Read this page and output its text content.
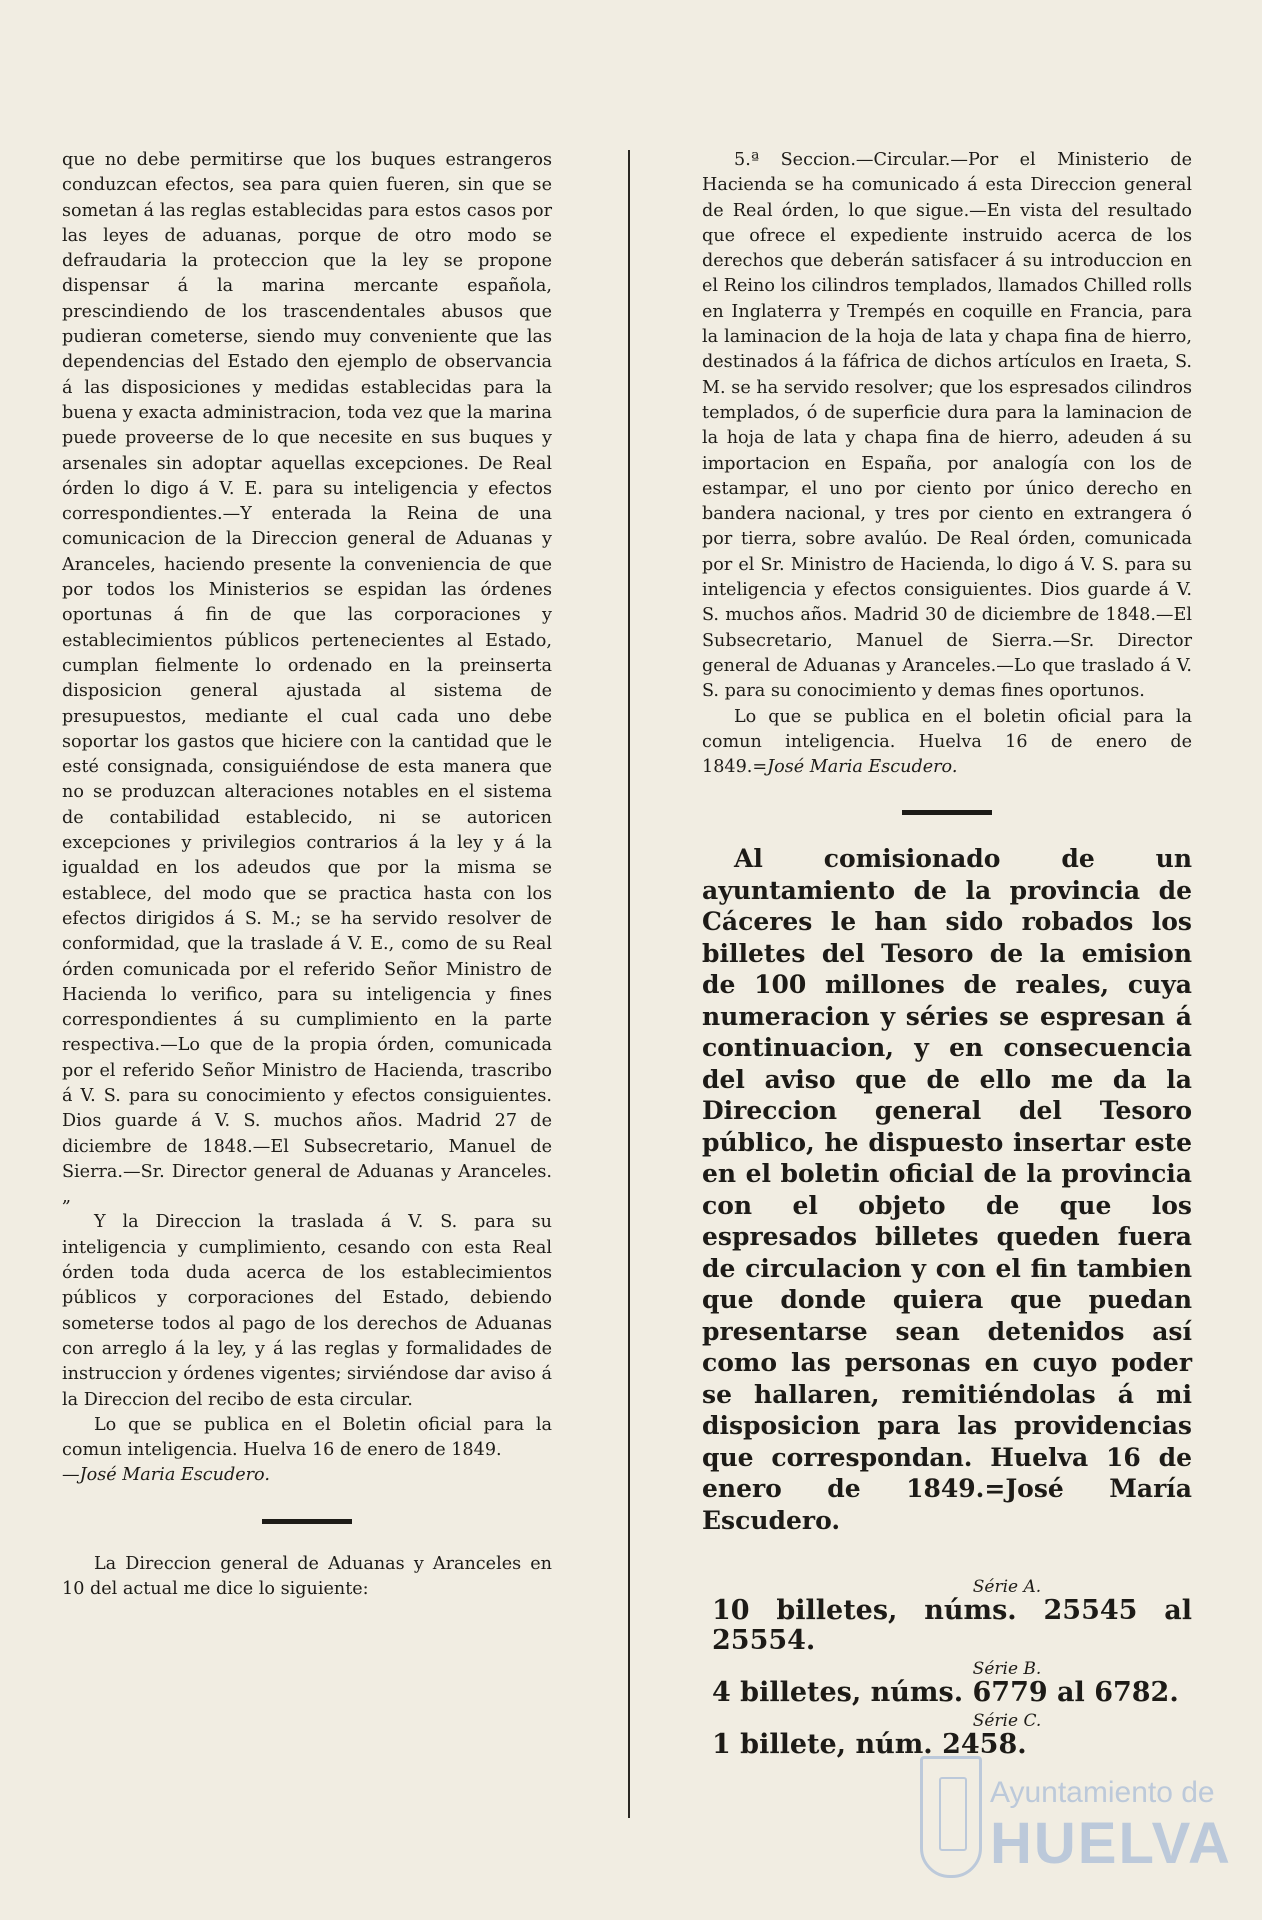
que no debe permitirse que los buques estrangeros conduzcan efectos, sea para quien fueren, sin que se sometan á las reglas establecidas para estos casos por las leyes de aduanas, porque de otro modo se defraudaria la proteccion que la ley se propone dispensar á la marina mercante española, prescindiendo de los trascendentales abusos que pudieran cometerse, siendo muy conveniente que las dependencias del Estado den ejemplo de observancia á las disposiciones y medidas establecidas para la buena y exacta administracion, toda vez que la marina puede proveerse de lo que necesite en sus buques y arsenales sin adoptar aquellas excepciones. De Real órden lo digo á V. E. para su inteligencia y efectos correspondientes.—Y enterada la Reina de una comunicacion de la Direccion general de Aduanas y Aranceles, haciendo presente la conveniencia de que por todos los Ministerios se espidan las órdenes oportunas á fin de que las corporaciones y establecimientos públicos pertenecientes al Estado, cumplan fielmente lo ordenado en la preinserta disposicion general ajustada al sistema de presupuestos, mediante el cual cada uno debe soportar los gastos que hiciere con la cantidad que le esté consignada, consiguiéndose de esta manera que no se produzcan alteraciones notables en el sistema de contabilidad establecido, ni se autoricen excepciones y privilegios contrarios á la ley y á la igualdad en los adeudos que por la misma se establece, del modo que se practica hasta con los efectos dirigidos á S. M.; se ha servido resolver de conformidad, que la traslade á V. E., como de su Real órden comunicada por el referido Señor Ministro de Hacienda lo verifico, para su inteligencia y fines correspondientes á su cumplimiento en la parte respectiva.—Lo que de la propia órden, comunicada por el referido Señor Ministro de Hacienda, trascribo á V. S. para su conocimiento y efectos consiguientes. Dios guarde á V. S. muchos años. Madrid 27 de diciembre de 1848.—El Subsecretario, Manuel de Sierra.—Sr. Director general de Aduanas y Aranceles. „

Y la Direccion la traslada á V. S. para su inteligencia y cumplimiento, cesando con esta Real órden toda duda acerca de los establecimientos públicos y corporaciones del Estado, debiendo someterse todos al pago de los derechos de Aduanas con arreglo á la ley, y á las reglas y formalidades de instruccion y órdenes vigentes; sirviéndose dar aviso á la Direccion del recibo de esta circular.

Lo que se publica en el Boletin oficial para la comun inteligencia. Huelva 16 de enero de 1849.
—José Maria Escudero.

La Direccion general de Aduanas y Aranceles en 10 del actual me dice lo siguiente:

5.ª Seccion.—Circular.—Por el Ministerio de Hacienda se ha comunicado á esta Direccion general de Real órden, lo que sigue.—En vista del resultado que ofrece el expediente instruido acerca de los derechos que deberán satisfacer á su introduccion en el Reino los cilindros templados, llamados Chilled rolls en Inglaterra y Trempés en coquille en Francia, para la laminacion de la hoja de lata y chapa fina de hierro, destinados á la fáfrica de dichos artículos en Iraeta, S. M. se ha servido resolver; que los espresados cilindros templados, ó de superficie dura para la laminacion de la hoja de lata y chapa fina de hierro, adeuden á su importacion en España, por analogía con los de estampar, el uno por ciento por único derecho en bandera nacional, y tres por ciento en extrangera ó por tierra, sobre avalúo. De Real órden, comunicada por el Sr. Ministro de Hacienda, lo digo á V. S. para su inteligencia y efectos consiguientes. Dios guarde á V. S. muchos años. Madrid 30 de diciembre de 1848.—El Subsecretario, Manuel de Sierra.—Sr. Director general de Aduanas y Aranceles.—Lo que traslado á V. S. para su conocimiento y demas fines oportunos.

Lo que se publica en el boletin oficial para la comun inteligencia. Huelva 16 de enero de 1849.=José Maria Escudero.

Al comisionado de un ayuntamiento de la provincia de Cáceres le han sido robados los billetes del Tesoro de la emision de 100 millones de reales, cuya numeracion y séries se espresan á continuacion, y en consecuencia del aviso que de ello me da la Direccion general del Tesoro público, he dispuesto insertar este en el boletin oficial de la provincia con el objeto de que los espresados billetes queden fuera de circulacion y con el fin tambien que donde quiera que puedan presentarse sean detenidos así como las personas en cuyo poder se hallaren, remitiéndolas á mi disposicion para las providencias que correspondan. Huelva 16 de enero de 1849.=José María Escudero.

Série A.

10 billetes, núms. 25545 al 25554.

Série B.

4 billetes, núms. 6779 al 6782.

Série C.

1 billete, núm. 2458.

Ayuntamiento de
HUELVA
